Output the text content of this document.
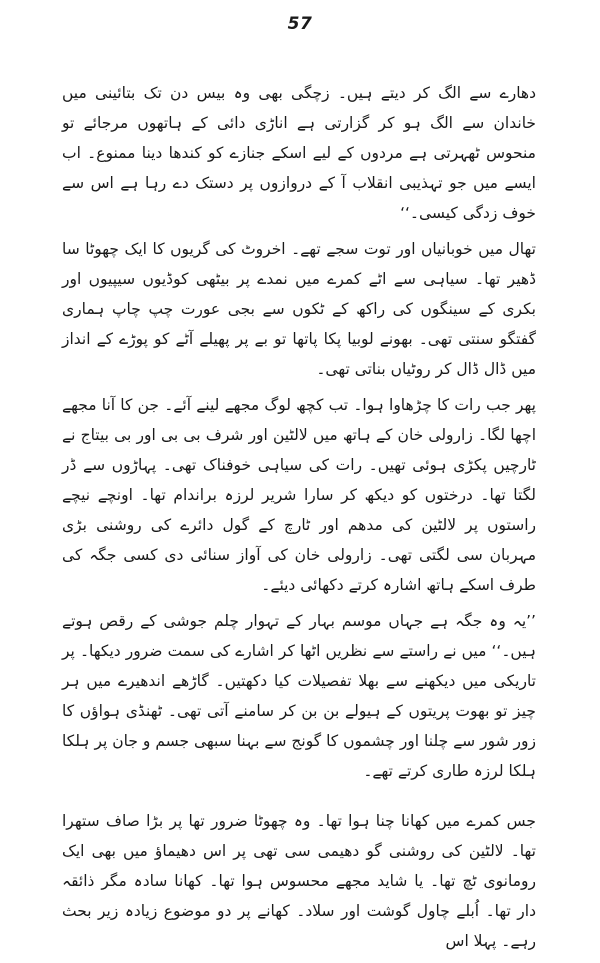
57

دھارے سے الگ کر دیتے ہیں۔ زچگی بھی وہ بیس دن تک بتائینی میں خاندان سے الگ ہو کر گزارتی ہے اناڑی دائی کے ہاتھوں مرجائے تو منحوس ٹھہرتی ہے مردوں کے لیے اسکے جنازے کو کندھا دینا ممنوع۔ اب ایسے میں جو تہذیبی انقلاب آ کے دروازوں پر دستک دے رہا ہے اس سے خوف زدگی کیسی۔‘‘

تھال میں خوبانیاں اور توت سجے تھے۔ اخروٹ کی گریوں کا ایک چھوٹا سا ڈھیر تھا۔ سیاہی سے اٹے کمرے میں نمدے پر بیٹھی کوڈیوں سیپیوں اور بکری کے سینگوں کی راکھ کے ٹکوں سے بجی عورت چپ چاپ ہماری گفتگو سنتی تھی۔ بھونے لوبیا پکا پاتھا تو بے پر پھیلے آٹے کو پوڑے کے انداز میں ڈال ڈال کر روٹیاں بناتی تھی۔

پھر جب رات کا چڑھاوا ہوا۔ تب کچھ لوگ مجھے لینے آئے۔ جن کا آنا مجھے اچھا لگا۔ زارولی خان کے ہاتھ میں لالٹین اور شرف بی بی اور بی بیتاج نے ٹارچیں پکڑی ہوئی تھیں۔ رات کی سیاہی خوفناک تھی۔ پہاڑوں سے ڈر لگتا تھا۔ درختوں کو دیکھ کر سارا شریر لرزہ براندام تھا۔ اونچے نیچے راستوں پر لالٹین کی مدھم اور ٹارچ کے گول دائرے کی روشنی بڑی مہربان سی لگتی تھی۔ زارولی خان کی آواز سنائی دی کسی جگہ کی طرف اسکے ہاتھ اشارہ کرتے دکھائی دیئے۔

’’یہ وہ جگہ ہے جہاں موسم بہار کے تہوار چلم جوشی کے رقص ہوتے ہیں۔‘‘ میں نے راستے سے نظریں اٹھا کر اشارے کی سمت ضرور دیکھا۔ پر تاریکی میں دیکھنے سے بھلا تفصیلات کیا دکھتیں۔ گاڑھے اندھیرے میں ہر چیز تو بھوت پریتوں کے ہیولے بن بن کر سامنے آتی تھی۔ ٹھنڈی ہواؤں کا زور شور سے چلنا اور چشموں کا گونج سے بہنا سبھی جسم و جان پر ہلکا ہلکا لرزہ طاری کرتے تھے۔

جس کمرے میں کھانا چنا ہوا تھا۔ وہ چھوٹا ضرور تھا پر بڑا صاف ستھرا تھا۔ لالٹین کی روشنی گو دھیمی سی تھی پر اس دھیماؤ میں بھی ایک رومانوی ٹچ تھا۔ یا شاید مجھے محسوس ہوا تھا۔ کھانا سادہ مگر ذائقہ دار تھا۔ اُبلے چاول گوشت اور سلاد۔ کھانے پر دو موضوع زیادہ زیر بحث رہے۔ پہلا اس
